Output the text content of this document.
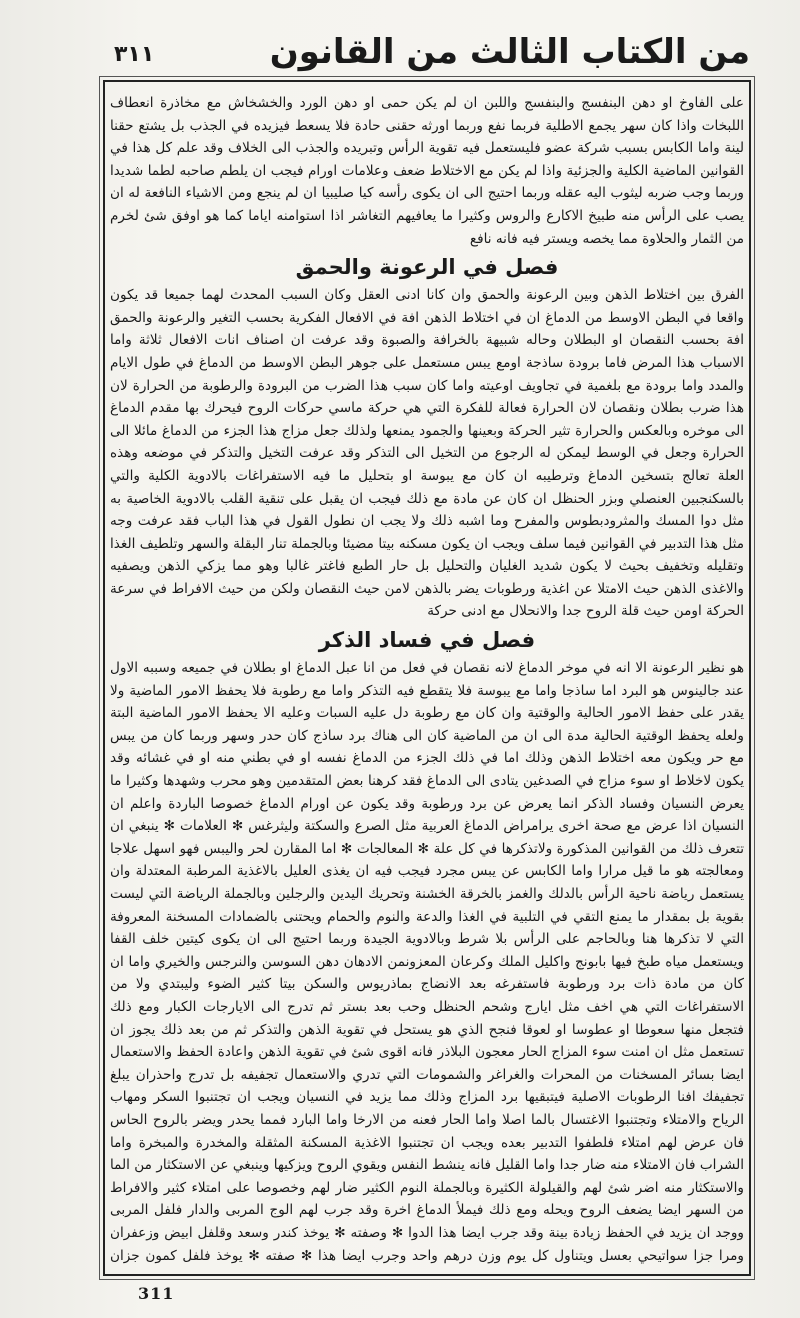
من الكتاب الثالث من القانون
٣١١

على الفاوخ او دهن البنفسج والبنفسج واللبن ان لم يكن حمى او دهن الورد والخشخاش مع مخاذرة انعطاف اللبخات واذا كان سهر يجمع الاطلية فربما نفع وربما اورثه حقنى حادة فلا يسعط فيزيده في الجذب بل يشتع حقنا لينة واما الكابس بسبب شركة عضو فليستعمل فيه تقوية الرأس وتبريده والجذب الى الخلاف وقد علم كل هذا في القوانين الماضية الكلية والجزئية واذا لم يكن مع الاختلاط ضعف وعلامات اورام فيجب ان يلطم صاحبه لطما شديدا وربما وجب ضربه ليثوب اليه عقله وربما احتيج الى ان يكوى رأسه كيا صليبيا ان لم ينجع ومن الاشياء النافعة له ان يصب على الرأس منه طبيخ الاكارع والروس وكثيرا ما يعافيهم التغاشر اذا استوامنه اياما كما هو اوفق شئ لخرم من الثمار والحلاوة مما يخصه ويستر فيه فانه نافع

فصل في الرعونة والحمق

الفرق بين اختلاط الذهن وبين الرعونة والحمق وان كانا ادنى العقل وكان السبب المحدث لهما جميعا قد يكون واقعا في البطن الاوسط من الدماغ ان في اختلاط الذهن افة في الافعال الفكرية بحسب التغير والرعونة والحمق افة بحسب النقصان او البطلان وحاله شبيهة بالخرافة والصبوة وقد عرفت ان اصناف انات الافعال ثلاثة واما الاسباب هذا المرض فاما برودة ساذجة اومع يبس مستعمل على جوهر البطن الاوسط من الدماغ في طول الايام والمدد واما برودة مع بلغمية في تجاويف اوعيته واما كان سبب هذا الضرب من البرودة والرطوبة من الحرارة لان هذا ضرب بطلان ونقصان لان الحرارة فعالة للفكرة التي هي حركة ماسي حركات الروح فيحرك بها مقدم الدماغ الى موخره وبالعكس والحرارة تثير الحركة وبعينها والجمود يمنعها ولذلك جعل مزاج هذا الجزء من الدماغ مائلا الى الحرارة وجعل في الوسط ليمكن له الرجوع من التخيل الى التذكر وقد عرفت التخيل والتذكر في موضعه وهذه العلة تعالج بتسخين الدماغ وترطيبه ان كان مع يبوسة او بتحليل ما فيه الاستفراغات بالادوية الكلية والتي بالسكنجبين العنصلي وبزر الحنظل ان كان عن مادة مع ذلك فيجب ان يقبل على تنقية القلب بالادوية الخاصية به مثل دوا المسك والمثرودبطوس والمفرح وما اشبه ذلك ولا يجب ان نطول القول في هذا الباب فقد عرفت وجه مثل هذا التدبير في القوانين فيما سلف ويجب ان يكون مسكنه بيتا مضيئا وبالجملة تنار البقلة والسهر وتلطيف الغذا وتقليله وتخفيف بحيث لا يكون شديد الغليان والتحليل بل حار الطبع فاغتر غالبا وهو مما يزكي الذهن ويصفيه والاغذى الذهن حيث الامتلا عن اغذية ورطوبات يضر بالذهن لامن حيث النقصان ولكن من حيث الافراط في سرعة الحركة اومن حيث قلة الروح جدا والانحلال مع ادنى حركة

فصل في فساد الذكر

هو نظير الرعونة الا انه في موخر الدماغ لانه نقصان في فعل من انا عبل الدماغ او بطلان في جميعه وسببه الاول عند جالينوس هو البرد اما ساذجا واما مع يبوسة فلا يتقطع فيه التذكر واما مع رطوبة فلا يحفظ الامور الماضية ولا يقدر على حفظ الامور الحالية والوقتية وان كان مع رطوبة دل عليه السبات وعليه الا يحفظ الامور الماضية البتة ولعله يحفظ الوقتية الحالية مدة الى ان من الماضية كان الى هناك برد ساذج كان حدر وسهر وربما كان من يبس مع حر ويكون معه اختلاط الذهن وذلك اما في ذلك الجزء من الدماغ نفسه او في بطني منه او في غشائه وقد يكون لاخلاط او سوء مزاج في الصدغين يتادى الى الدماغ فقد كرهنا بعض المتقدمين وهو محرب وشهدها وكثيرا ما يعرض النسيان وفساد الذكر انما يعرض عن برد ورطوبة وقد يكون عن اورام الدماغ خصوصا الباردة واعلم ان النسيان اذا عرض مع صحة اخرى يرامراض الدماغ العربية مثل الصرع والسكتة وليثرغس ✻ العلامات ✻ ينبغي ان تتعرف ذلك من القوانين المذكورة ولاتذكرها في كل علة ✻ المعالجات ✻ اما المقارن لحر واليبس فهو اسهل علاجا ومعالجته هو ما قيل مرارا واما الكابس عن يبس مجرد فيجب فيه ان يغذى العليل بالاغذية المرطبة المعتدلة وان يستعمل رياضة ناحية الرأس بالدلك والغمز بالخرقة الخشنة وتحريك اليدين والرجلين وبالجملة الرياضة التي ليست بقوية بل بمقدار ما يمنع التقي في التلبية في الغذا والدعة والنوم والحمام ويحتنى بالضمادات المسخنة المعروفة التي لا تذكرها هنا وبالحاجم على الرأس بلا شرط وبالادوية الجيدة وربما احتيج الى ان يكوى كيتين خلف القفا ويستعمل مياه طبخ فيها بابونج واكليل الملك وكرعان المعزونمن الادهان دهن السوسن والنرجس والخيري واما ان كان من مادة ذات برد ورطوبة فاستفرغه بعد الانضاج بماذريوس والسكن بيتا كثير الضوء وليبتدي ولا من الاستفراغات التي هي اخف مثل ايارج وشحم الحنظل وحب بعد بستر ثم تدرج الى الايارجات الكبار ومع ذلك فتجعل منها سعوطا او عطوسا او لعوقا فنجح الذي هو يستحل في تقوية الذهن والتذكر ثم من بعد ذلك يجوز ان تستعمل مثل ان امنت سوء المزاج الحار معجون البلاذر فانه اقوى شئ في تقوية الذهن واعادة الحفظ والاستعمال ايضا بسائر المسخنات من المحرات والغراغر والشمومات التي تدري والاستعمال تجفيفه بل تدرج واحذران يبلغ تجفيفك افنا الرطوبات الاصلية فيتبقيها برد المزاج وذلك مما يزيد في النسيان ويجب ان تجتنبوا السكر ومهاب الرياح والامتلاء وتجتنبوا الاغتسال بالما اصلا واما الحار فعنه من الارخا واما البارد فمما يحدر ويضر بالروح الحاس فان عرض لهم امتلاء فلطفوا التدبير بعده ويجب ان تجتنبوا الاغذية المسكنة المثقلة والمخدرة والمبخرة واما الشراب فان الامتلاء منه ضار جدا واما القليل فانه ينشط النفس ويقوي الروح ويزكيها وينبغي عن الاستكثار من الما والاستكثار منه اضر شئ لهم والقيلولة الكثيرة وبالجملة النوم الكثير ضار لهم وخصوصا على امتلاء كثير والافراط من السهر ايضا يضعف الروح ويحله ومع ذلك فيملأ الدماغ اخرة وقد جرب لهم الوج المربى والدار فلفل المربى ووجد ان يزيد في الحفظ زيادة بينة وقد جرب ايضا هذا الدوا ✻ وصفته ✻ يوخذ كندر وسعد وقلفل ابيض وزعفران ومرا جزا سواتيحي بعسل ويتناول كل يوم وزن درهم واحد وجرب ايضا هذا ✻ صفته ✻ يوخذ فلفل كمون جزان

311
